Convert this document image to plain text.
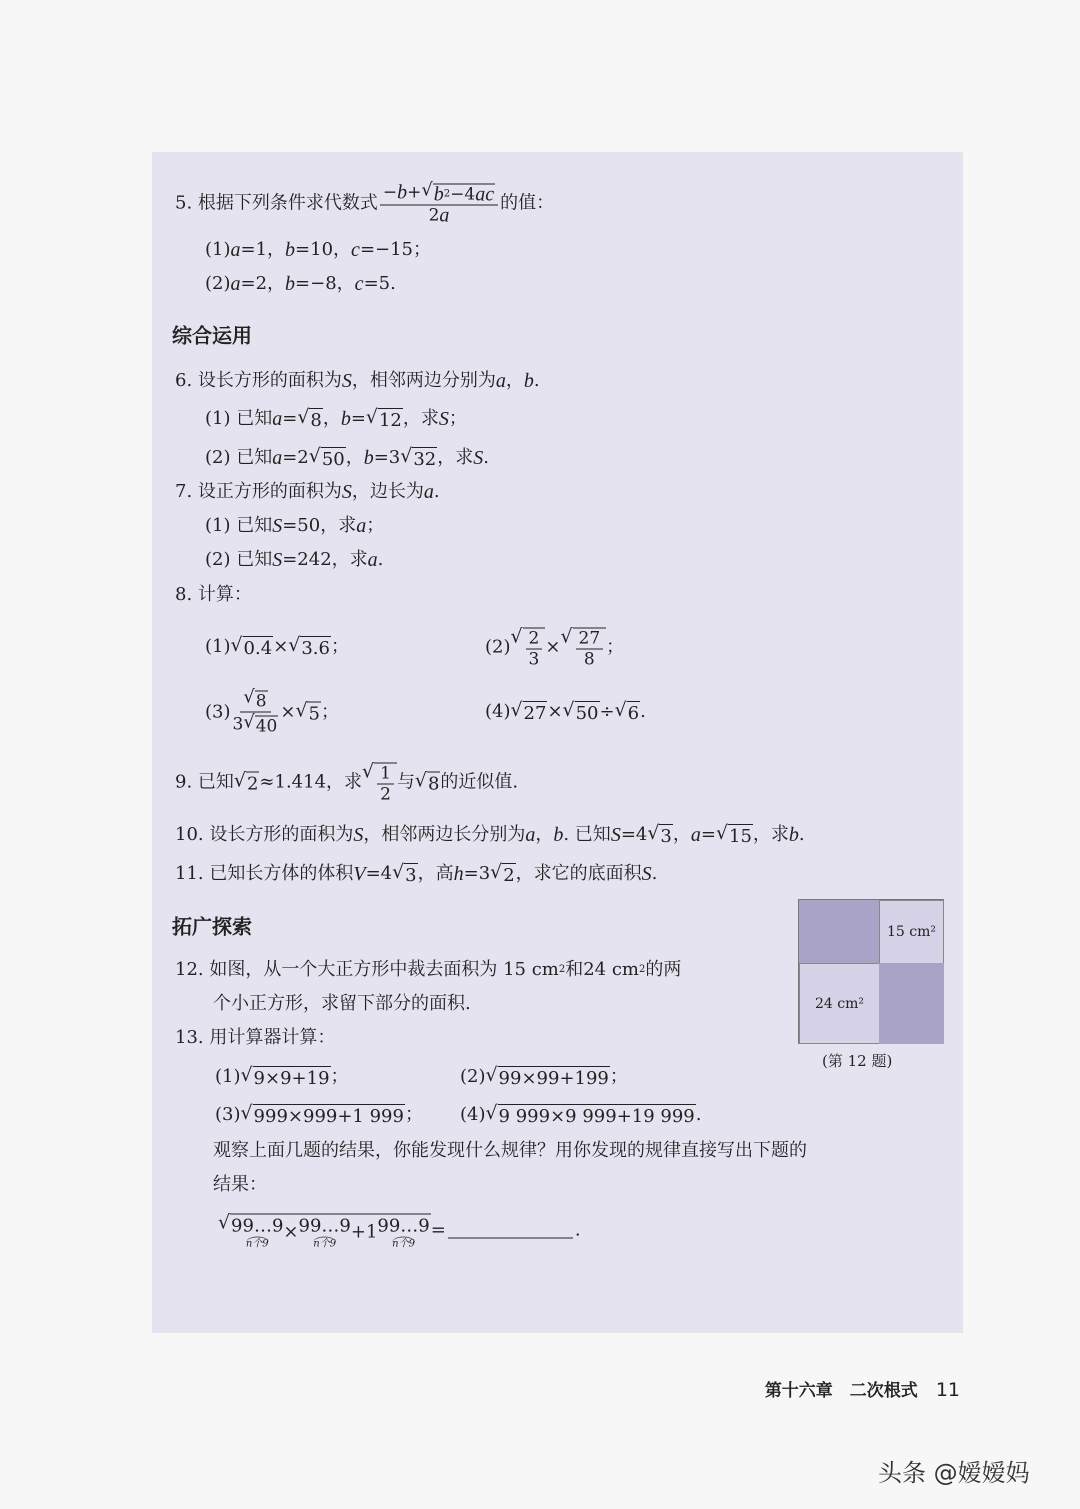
5. 根据下列条件求代数式 $\frac{- b + √ b 2 -4 ac}{2 a}$ 的值：
(1) a =1， b =10， c =−15；
(2) a =2， b =−8， c =5.
综合运用
6. 设长方形的面积为 S ，相邻两边分别为 a ， b .
(1) 已知 a = √ 8 ， b = √ 12 ，求 S ；
(2) 已知 a =2 √ 50 ， b =3 √ 32 ，求 S .
7. 设正方形的面积为 S ，边长为 a .
(1) 已知 S =50，求 a ；
(2) 已知 S =242，求 a .
8. 计算：
(1) √ 0.4 × √ 3.6 ；	(2) √ $\frac{2}{3}$ × √ $\frac{27}{8}$ ；
$(3) \frac{√ 8}{3 √ 40}$ × √ 5 ；	(4) √ 27 × √ 50 ÷ √ 6 .
9. 已知 √ 2 ≈1.414，求 √ $\frac{1}{2}$ 与 √ 8 的近似值.
10. 设长方形的面积为 S ，相邻两边长分别为 a ， b . 已知 S =4 √ 3 ， a = √ 15 ，求 b .
11. 已知长方体的体积 V =4 √ 3 ，高 h =3 √ 2 ，求它的底面积 S .
拓广探索
12. 如图，从一个大正方形中裁去面积为 15 cm 2 和24 cm 2 的两
个小正方形，求留下部分的面积.
13. 用计算器计算：
(1) √ 9×9+19 ；	(2) √ 99×99+199 ；
(3) √ 999×999+1 999 ； (4) √ 9 999×9 999+19 999 .
观察上面几题的结果，你能发现什么规律？用你发现的规律直接写出下题的
结果：
√ 99…9
n个9
× 99…9
n个9
+1 99…9
n个9
=	.
15 cm²
24 cm²
(第 12 题)
第十六章　二次根式 11
头条 @嫒嫒妈
